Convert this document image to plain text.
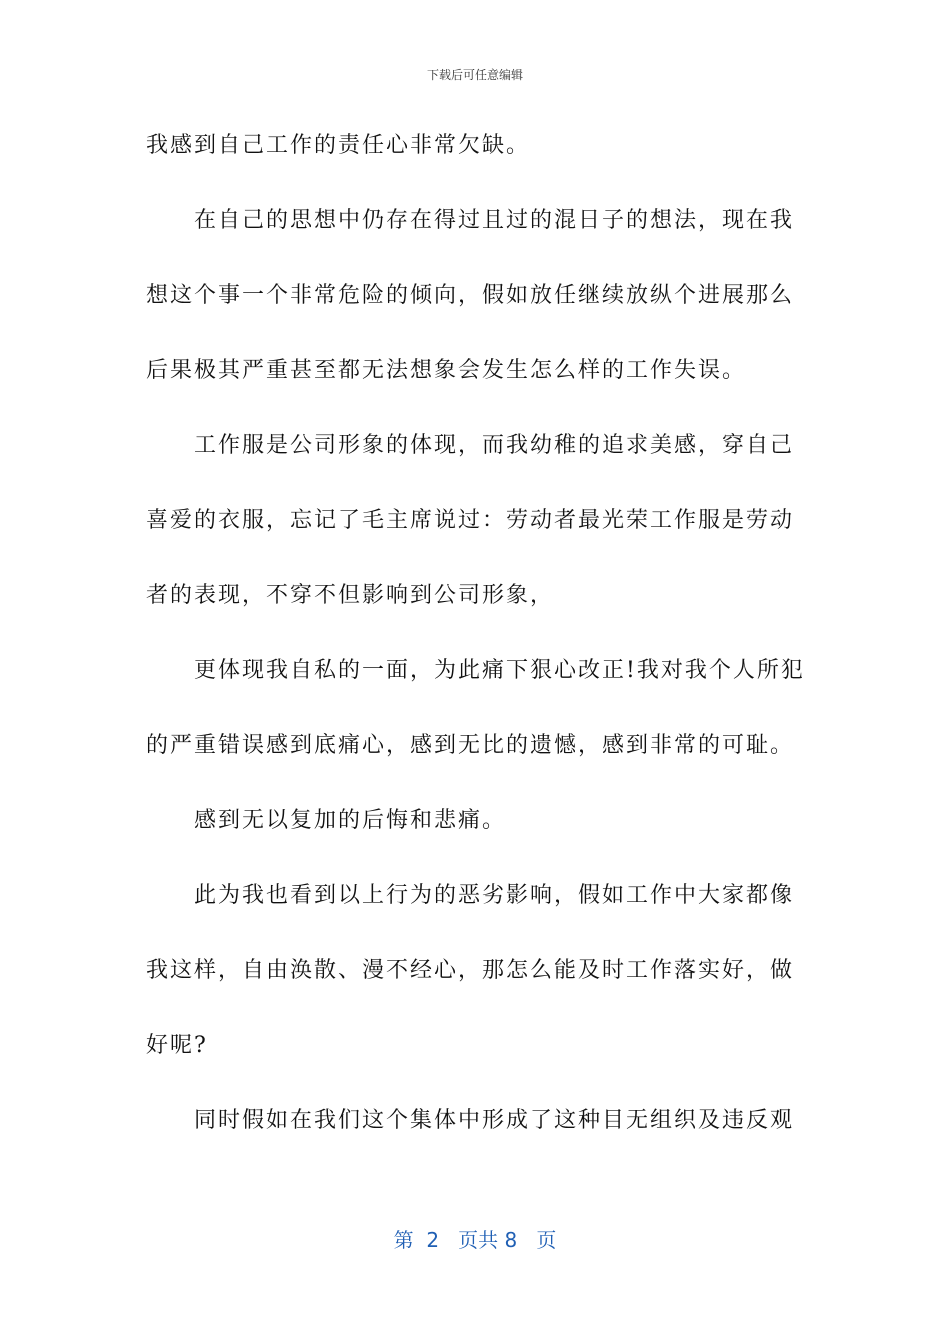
下载后可任意编辑
我感到自己工作的责任心非常欠缺。
在自己的思想中仍存在得过且过的混日子的想法，现在我
想这个事一个非常危险的倾向，假如放任继续放纵个进展那么
后果极其严重甚至都无法想象会发生怎么样的工作失误。
工作服是公司形象的体现，而我幼稚的追求美感，穿自己
喜爱的衣服，忘记了毛主席说过：劳动者最光荣工作服是劳动
者的表现，不穿不但影响到公司形象，
更体现我自私的一面，为此痛下狠心改正!我对我个人所犯
的严重错误感到底痛心，感到无比的遗憾，感到非常的可耻。
感到无以复加的后悔和悲痛。
此为我也看到以上行为的恶劣影响，假如工作中大家都像
我这样，自由涣散、漫不经心，那怎么能及时工作落实好，做
好呢?
同时假如在我们这个集体中形成了这种目无组织及违反观
第  2   页共 8   页
